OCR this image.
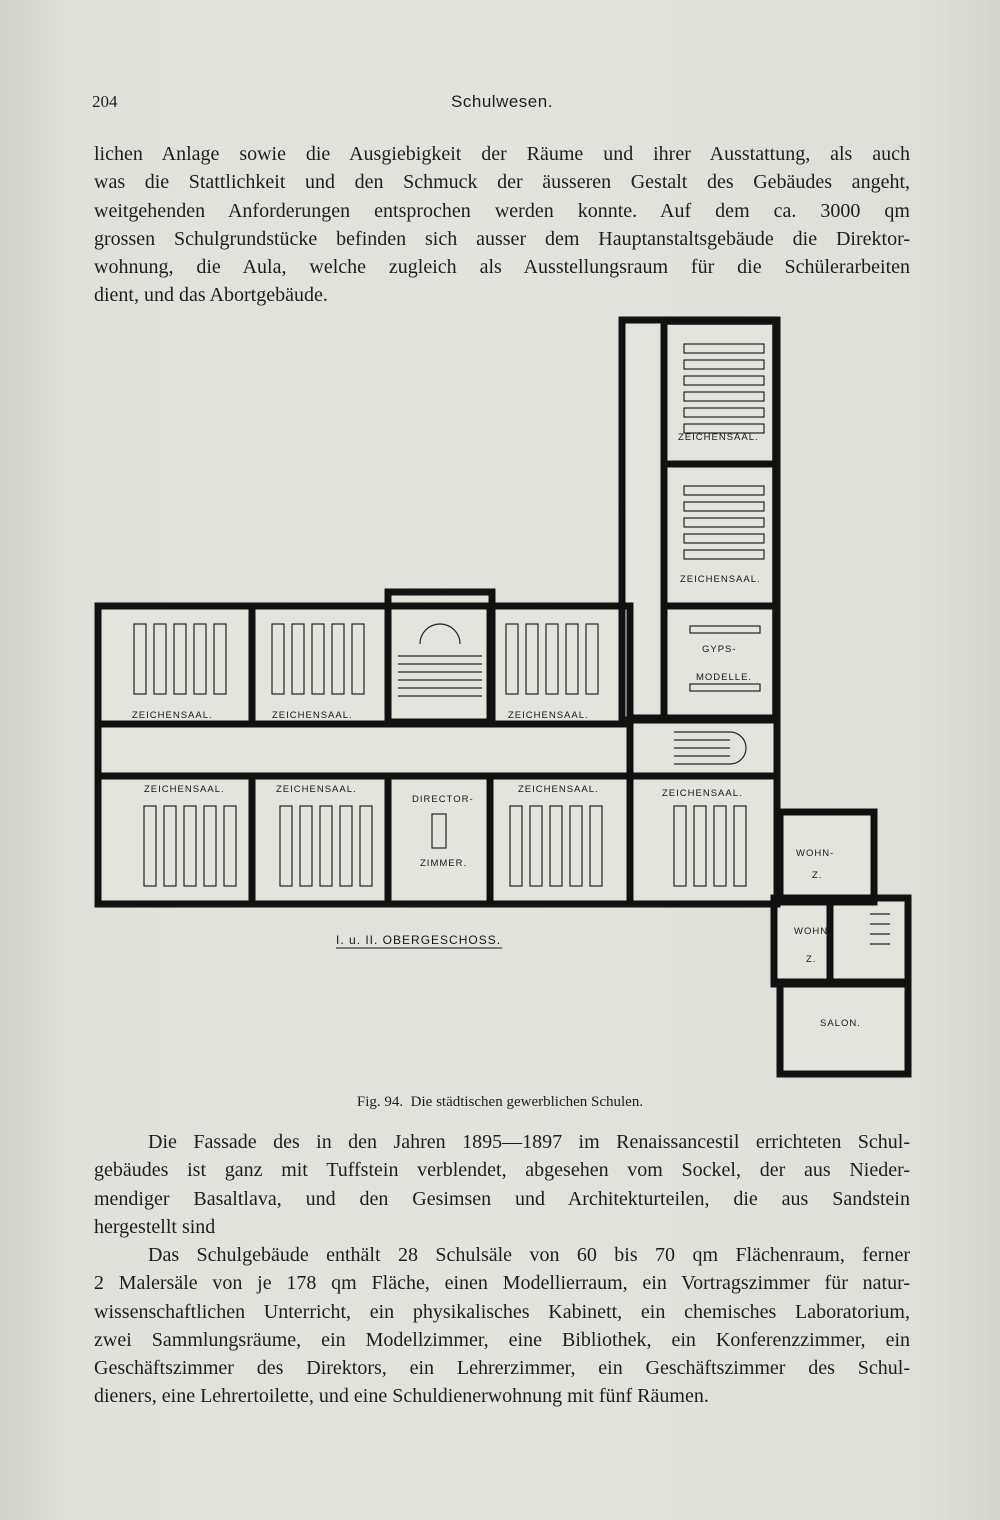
204	Schulwesen.
lichen Anlage sowie die Ausgiebigkeit der Räume und ihrer Ausstattung, als auch
was die Stattlichkeit und den Schmuck der äusseren Gestalt des Gebäudes angeht,
weitgehenden Anforderungen entsprochen werden konnte. Auf dem ca. 3000 qm
grossen Schulgrundstücke befinden sich ausser dem Hauptanstaltsgebäude die Direktor-
wohnung, die Aula, welche zugleich als Ausstellungsraum für die Schülerarbeiten
dient, und das Abortgebäude.
ZEICHENSAAL.
ZEICHENSAAL.
GYPS-
MODELLE.
ZEICHENSAAL.	ZEICHENSAAL.	ZEICHENSAAL.
ZEICHENSAAL.	ZEICHENSAAL.
DIRECTOR-
ZIMMER.
ZEICHENSAAL.	ZEICHENSAAL.
WOHN-
Z.
WOHN-
Z.
SALON.
I. u. II. OBERGESCHOSS.
Fig. 94. Die städtischen gewerblichen Schulen.
Die Fassade des in den Jahren 1895—1897 im Renaissancestil errichteten Schul-
gebäudes ist ganz mit Tuffstein verblendet, abgesehen vom Sockel, der aus Nieder-
mendiger Basaltlava, und den Gesimsen und Architekturteilen, die aus Sandstein
hergestellt sind
Das Schulgebäude enthält 28 Schulsäle von 60 bis 70 qm Flächenraum, ferner
2 Malersäle von je 178 qm Fläche, einen Modellierraum, ein Vortragszimmer für natur-
wissenschaftlichen Unterricht, ein physikalisches Kabinett, ein chemisches Laboratorium,
zwei Sammlungsräume, ein Modellzimmer, eine Bibliothek, ein Konferenzzimmer, ein
Geschäftszimmer des Direktors, ein Lehrerzimmer, ein Geschäftszimmer des Schul-
dieners, eine Lehrertoilette, und eine Schuldienerwohnung mit fünf Räumen.
